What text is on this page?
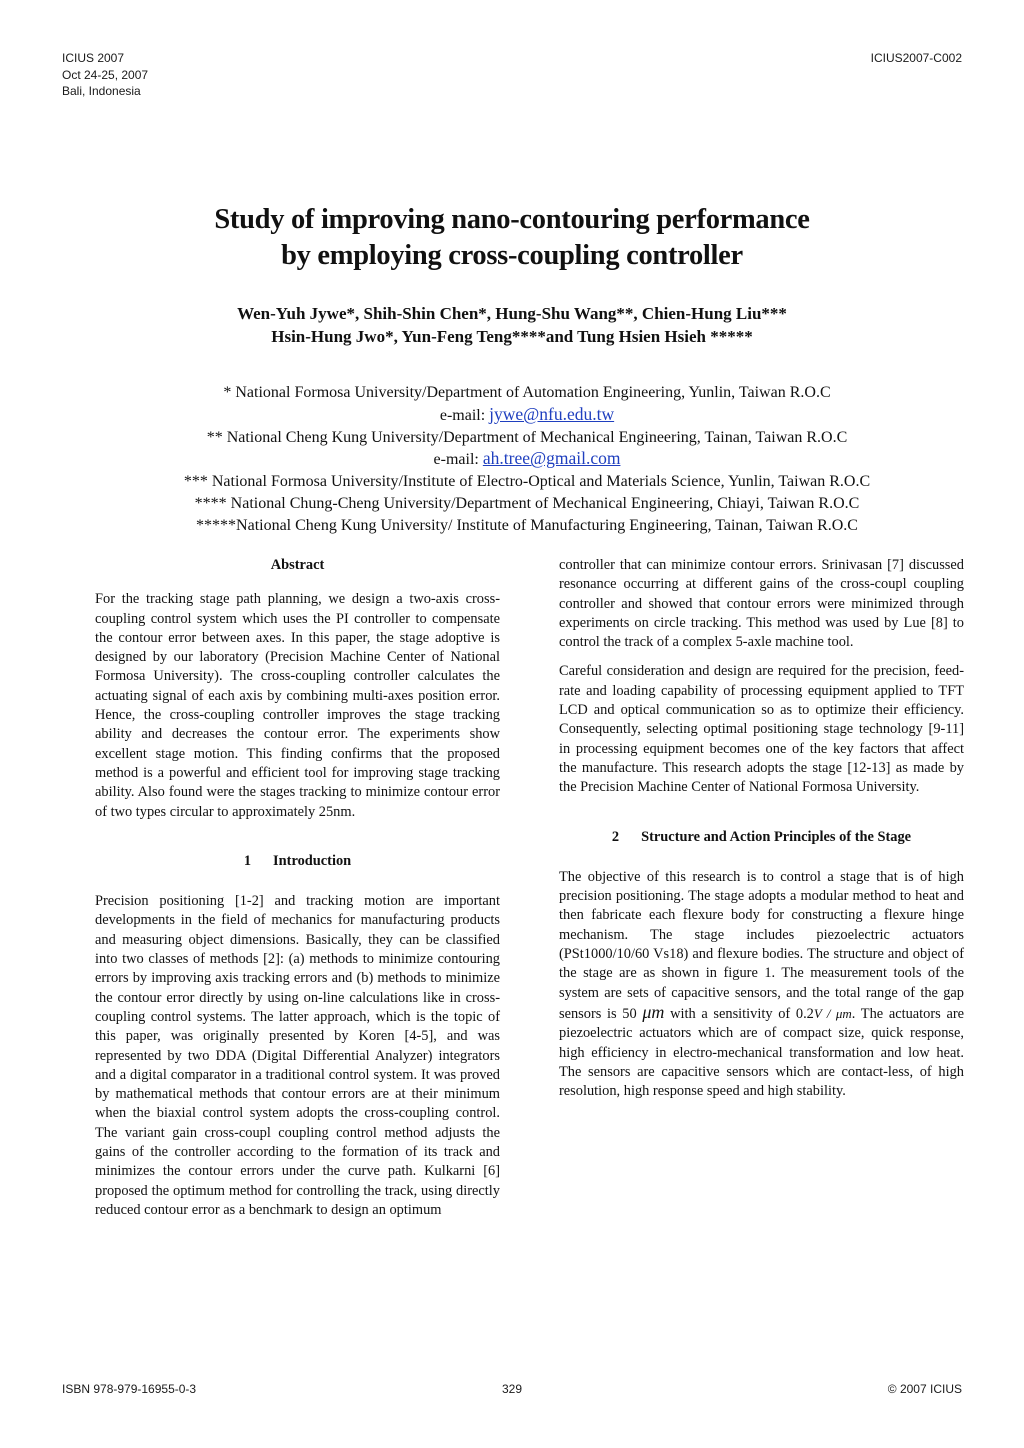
ICIUS 2007
Oct 24-25, 2007
Bali, Indonesia
ICIUS2007-C002
Study of improving nano-contouring performance
by employing cross-coupling controller
Wen-Yuh Jywe*, Shih-Shin Chen*, Hung-Shu Wang**, Chien-Hung Liu***
Hsin-Hung Jwo*, Yun-Feng Teng****and Tung Hsien Hsieh *****
* National Formosa University/Department of Automation Engineering, Yunlin, Taiwan R.O.C
e-mail: jywe@nfu.edu.tw
** National Cheng Kung University/Department of Mechanical Engineering, Tainan, Taiwan R.O.C
e-mail: ah.tree@gmail.com
*** National Formosa University/Institute of Electro-Optical and Materials Science, Yunlin, Taiwan R.O.C
**** National Chung-Cheng University/Department of Mechanical Engineering, Chiayi, Taiwan R.O.C
*****National Cheng Kung University/ Institute of Manufacturing Engineering, Tainan, Taiwan R.O.C

Abstract

For the tracking stage path planning, we design a two-axis cross-coupling control system which uses the PI controller to compensate the contour error between axes. In this paper, the stage adoptive is designed by our laboratory (Precision Machine Center of National Formosa University). The cross-coupling controller calculates the actuating signal of each axis by combining multi-axes position error. Hence, the cross-coupling controller improves the stage tracking ability and decreases the contour error. The experiments show excellent stage motion. This finding confirms that the proposed method is a powerful and efficient tool for improving stage tracking ability. Also found were the stages tracking to minimize contour error of two types circular to approximately 25nm.

1 Introduction

Precision positioning [1-2] and tracking motion are important developments in the field of mechanics for manufacturing products and measuring object dimensions. Basically, they can be classified into two classes of methods [2]: (a) methods to minimize contouring errors by improving axis tracking errors and (b) methods to minimize the contour error directly by using on-line calculations like in cross-coupling control systems. The latter approach, which is the topic of this paper, was originally presented by Koren [4-5], and was represented by two DDA (Digital Differential Analyzer) integrators and a digital comparator in a traditional control system. It was proved by mathematical methods that contour errors are at their minimum when the biaxial control system adopts the cross-coupling control. The variant gain cross-coupl coupling control method adjusts the gains of the controller according to the formation of its track and minimizes the contour errors under the curve path. Kulkarni [6] proposed the optimum method for controlling the track, using directly reduced contour error as a benchmark to design an optimum

controller that can minimize contour errors. Srinivasan [7] discussed resonance occurring at different gains of the cross-coupl coupling controller and showed that contour errors were minimized through experiments on circle tracking. This method was used by Lue [8] to control the track of a complex 5-axle machine tool.

Careful consideration and design are required for the precision, feed-rate and loading capability of processing equipment applied to TFT LCD and optical communication so as to optimize their efficiency. Consequently, selecting optimal positioning stage technology [9-11] in processing equipment becomes one of the key factors that affect the manufacture. This research adopts the stage [12-13] as made by the Precision Machine Center of National Formosa University.

2 Structure and Action Principles of the Stage

The objective of this research is to control a stage that is of high precision positioning. The stage adopts a modular method to heat and then fabricate each flexure body for constructing a flexure hinge mechanism. The stage includes piezoelectric actuators (PSt1000/10/60 Vs18) and flexure bodies. The structure and object of the stage are as shown in figure 1. The measurement tools of the system are sets of capacitive sensors, and the total range of the gap sensors is 50 μm with a sensitivity of 0.2V / μm. The actuators are piezoelectric actuators which are of compact size, quick response, high efficiency in electro-mechanical transformation and low heat. The sensors are capacitive sensors which are contact-less, of high resolution, high response speed and high stability.

ISBN 978-979-16955-0-3	329	© 2007 ICIUS
